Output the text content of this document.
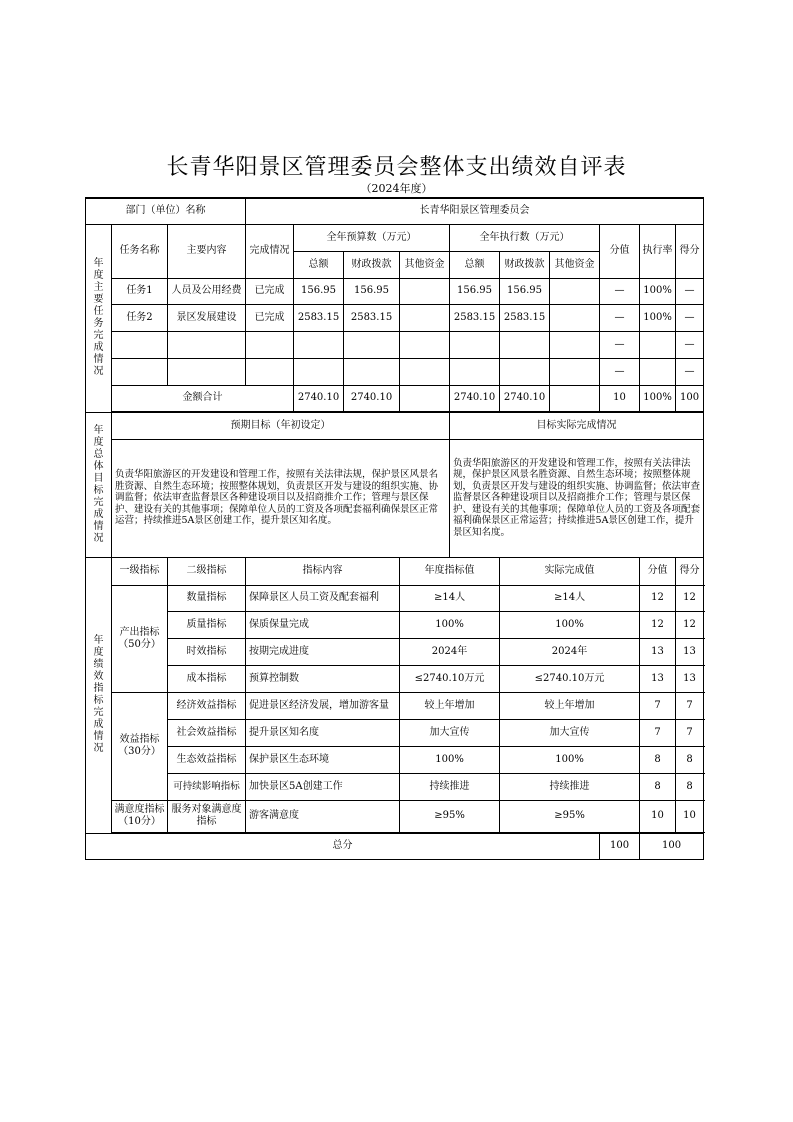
长青华阳景区管理委员会整体支出绩效自评表
（2024年度）
部门（单位）名称			长青华阳景区管理委员会									
年度主要任务完成情况	任务名称	主要内容	完成情况	全年预算数（万元）			全年执行数（万元）			分值	执行率	得分
				总额	财政拨款	其他资金	总额	财政拨款	其他资金			
	任务1	人员及公用经费	已完成	156.95	156.95		156.95	156.95		—	100%	—
	任务2	景区发展建设	已完成	2583.15	2583.15		2583.15	2583.15		—	100%	—
										—		—
										—		—
	金额合计			2740.10	2740.10		2740.10	2740.10		10	100%	100

年度总体目标完成情况	预期目标（年初设定）						目标实际完成情况					
	负责华阳旅游区的开发建设和管理工作，按照有关法律法规，保护景区风景名胜资源、自然生态环境；按照整体规划，负责景区开发与建设的组织实施、协调监督；依法审查监督景区各种建设项目以及招商推介工作；管理与景区保护、建设有关的其他事项；保障单位人员的工资及各项配套福利确保景区正常运营；持续推进5A景区创建工作，提升景区知名度。						负责华阳旅游区的开发建设和管理工作，按照有关法律法规，保护景区风景名胜资源、自然生态环境；按照整体规划，负责景区开发与建设的组织实施、协调监督；依法审查监督景区各种建设项目以及招商推介工作；管理与景区保护、建设有关的其他事项；保障单位人员的工资及各项配套福利确保景区正常运营；持续推进5A景区创建工作，提升景区知名度。					
年度绩效指标完成情况	一级指标	二级指标	指标内容			年度指标值		实际完成值			分值	得分
	产出指标（50分）	数量指标	保障景区人员工资及配套福利			≥14人		≥14人			12	12
		质量指标	保质保量完成			100%		100%			12	12
		时效指标	按期完成进度			2024年		2024年			13	13
		成本指标	预算控制数			≤2740.10万元		≤2740.10万元			13	13
	效益指标（30分）	经济效益指标	促进景区经济发展，增加游客量			较上年增加		较上年增加			7	7
		社会效益指标	提升景区知名度			加大宣传		加大宣传			7	7
		生态效益指标	保护景区生态环境			100%		100%			8	8
		可持续影响指标	加快景区5A创建工作			持续推进		持续推进			8	8
	满意度指标（10分）	服务对象满意度指标	游客满意度			≥95%		≥95%			10	10

总分										100	100	
